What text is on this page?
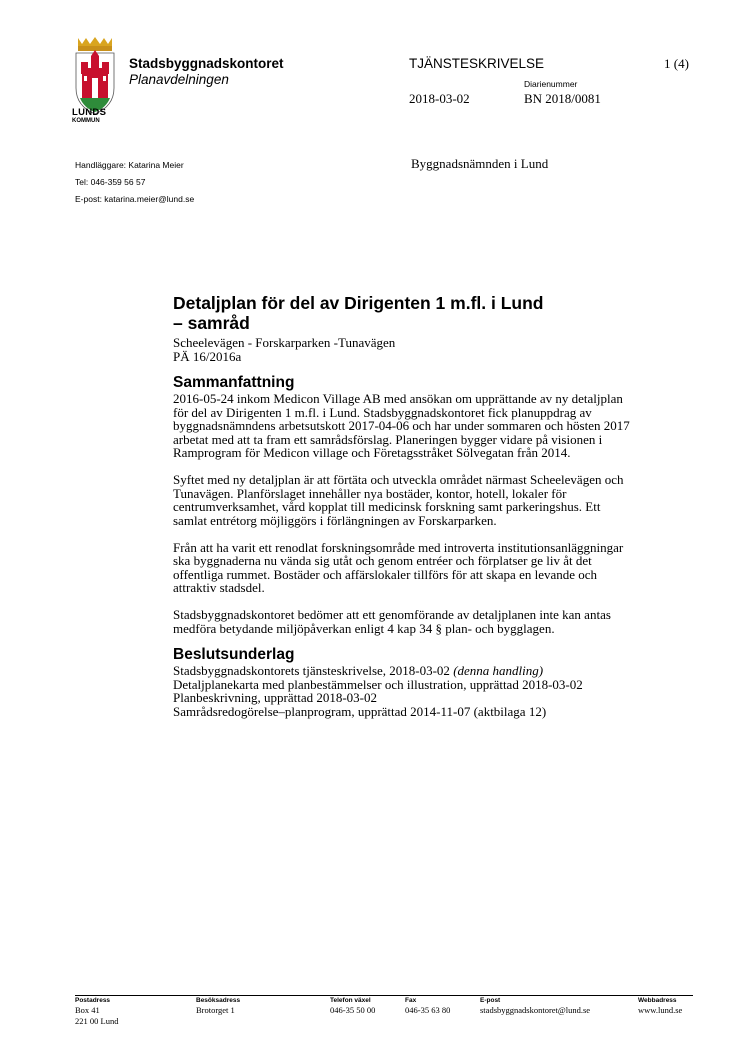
LUNDS
KOMMUN
Stadsbyggnadskontoret
Planavdelningen
TJÄNSTESKRIVELSE	1 (4)
Diarienummer
2018-03-02	BN 2018/0081
Handläggare: Katarina Meier
Tel: 046-359 56 57
E-post: katarina.meier@lund.se
Byggnadsnämnden i Lund
Detaljplan för del av Dirigenten 1 m.fl. i Lund
– samråd
Scheelevägen - Forskarparken -Tunavägen
PÄ 16/2016a
Sammanfattning

2016-05-24 inkom Medicon Village AB med ansökan om upprättande av ny detaljplan för del av Dirigenten 1 m.fl. i Lund. Stadsbyggnadskontoret fick planuppdrag av byggnadsnämndens arbetsutskott 2017-04-06 och har under sommaren och hösten 2017 arbetat med att ta fram ett samrådsförslag. Planeringen bygger vidare på visionen i Ramprogram för Medicon village och Företagsstråket Sölvegatan från 2014.

Syftet med ny detaljplan är att förtäta och utveckla området närmast Scheelevägen och Tunavägen. Planförslaget innehåller nya bostäder, kontor, hotell, lokaler för centrumverksamhet, vård kopplat till medicinsk forskning samt parkeringshus. Ett samlat entrétorg möjliggörs i förlängningen av Forskarparken.

Från att ha varit ett renodlat forskningsområde med introverta institutionsanläggningar ska byggnaderna nu vända sig utåt och genom entréer och förplatser ge liv åt det offentliga rummet. Bostäder och affärslokaler tillförs för att skapa en levande och attraktiv stadsdel.

Stadsbyggnadskontoret bedömer att ett genomförande av detaljplanen inte kan antas medföra betydande miljöpåverkan enligt 4 kap 34 § plan- och bygglagen.

Beslutsunderlag
Stadsbyggnadskontorets tjänsteskrivelse, 2018-03-02 (denna handling)
Detaljplanekarta med planbestämmelser och illustration, upprättad 2018-03-02
Planbeskrivning, upprättad 2018-03-02
Samrådsredogörelse–planprogram, upprättad 2014-11-07 (aktbilaga 12)
Postadress
Box 41
221 00 Lund
Besöksadress
Brotorget 1
Telefon växel
046-35 50 00
Fax
046-35 63 80
E-post
stadsbyggnadskontoret@lund.se
Webbadress
www.lund.se
